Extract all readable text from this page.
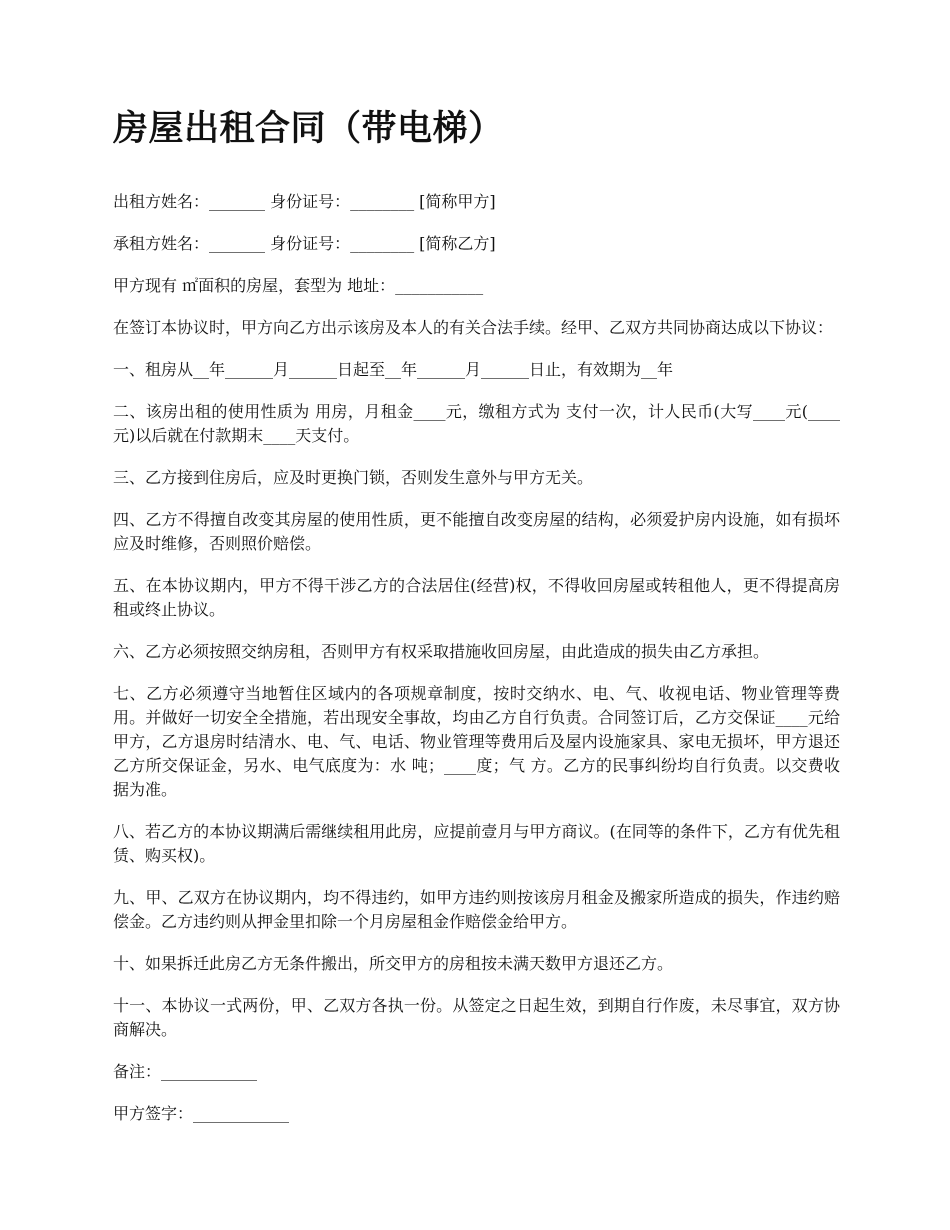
房屋出租合同（带电梯）

出租方姓名：_______ 身份证号：________ [简称甲方]

承租方姓名：_______ 身份证号：________ [简称乙方]

甲方现有 ㎡面积的房屋，套型为 地址：___________

在签订本协议时，甲方向乙方出示该房及本人的有关合法手续。经甲、乙双方共同协商达成以下协议：

一、租房从__年______月______日起至__年______月______日止，有效期为__年

二、该房出租的使用性质为 用房，月租金____元，缴租方式为 支付一次，计人民币(大写____元(____元)以后就在付款期末____天支付。

三、乙方接到住房后，应及时更换门锁，否则发生意外与甲方无关。

四、乙方不得擅自改变其房屋的使用性质，更不能擅自改变房屋的结构，必须爱护房内设施，如有损坏应及时维修，否则照价赔偿。

五、在本协议期内，甲方不得干涉乙方的合法居住(经营)权，不得收回房屋或转租他人，更不得提高房租或终止协议。

六、乙方必须按照交纳房租，否则甲方有权采取措施收回房屋，由此造成的损失由乙方承担。

七、乙方必须遵守当地暂住区域内的各项规章制度，按时交纳水、电、气、收视电话、物业管理等费用。并做好一切安全全措施，若出现安全事故，均由乙方自行负责。合同签订后，乙方交保证____元给甲方，乙方退房时结清水、电、气、电话、物业管理等费用后及屋内设施家具、家电无损坏，甲方退还乙方所交保证金，另水、电气底度为：水 吨；____度；气 方。乙方的民事纠纷均自行负责。以交费收据为准。

八、若乙方的本协议期满后需继续租用此房，应提前壹月与甲方商议。(在同等的条件下，乙方有优先租赁、购买权)。

九、甲、乙双方在协议期内，均不得违约，如甲方违约则按该房月租金及搬家所造成的损失，作违约赔偿金。乙方违约则从押金里扣除一个月房屋租金作赔偿金给甲方。

十、如果拆迁此房乙方无条件搬出，所交甲方的房租按未满天数甲方退还乙方。

十一、本协议一式两份，甲、乙双方各执一份。从签定之日起生效，到期自行作废，未尽事宜，双方协商解决。

备注：____________

甲方签字：____________
